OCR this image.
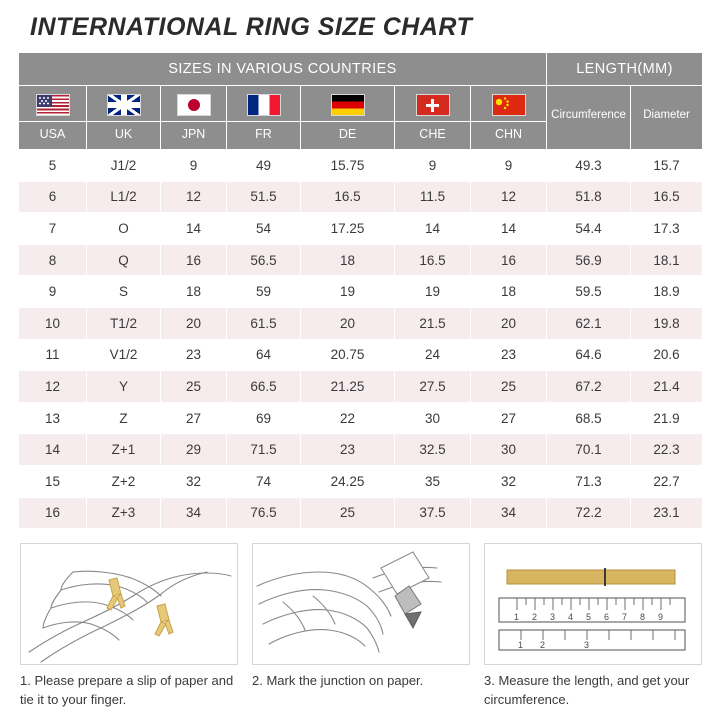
INTERNATIONAL RING SIZE CHART
SIZES IN VARIOUS COUNTRIES							LENGTH(MM)	
							Circumference	Diameter
USA	UK	JPN	FR	DE	CHE	CHN		
5	J1/2	9	49	15.75	9	9	49.3	15.7
6	L1/2	12	51.5	16.5	11.5	12	51.8	16.5
7	O	14	54	17.25	14	14	54.4	17.3
8	Q	16	56.5	18	16.5	16	56.9	18.1
9	S	18	59	19	19	18	59.5	18.9
10	T1/2	20	61.5	20	21.5	20	62.1	19.8
11	V1/2	23	64	20.75	24	23	64.6	20.6
12	Y	25	66.5	21.25	27.5	25	67.2	21.4
13	Z	27	69	22	30	27	68.5	21.9
14	Z+1	29	71.5	23	32.5	30	70.1	22.3
15	Z+2	32	74	24.25	35	32	71.3	22.7
16	Z+3	34	76.5	25	37.5	34	72.2	23.1
1. Please prepare a slip of paper and tie it to your finger.
2. Mark the junction on paper.
1 2 3 4 5 6 7 8 9
1 2	3
3. Measure the length, and get your circumference.
